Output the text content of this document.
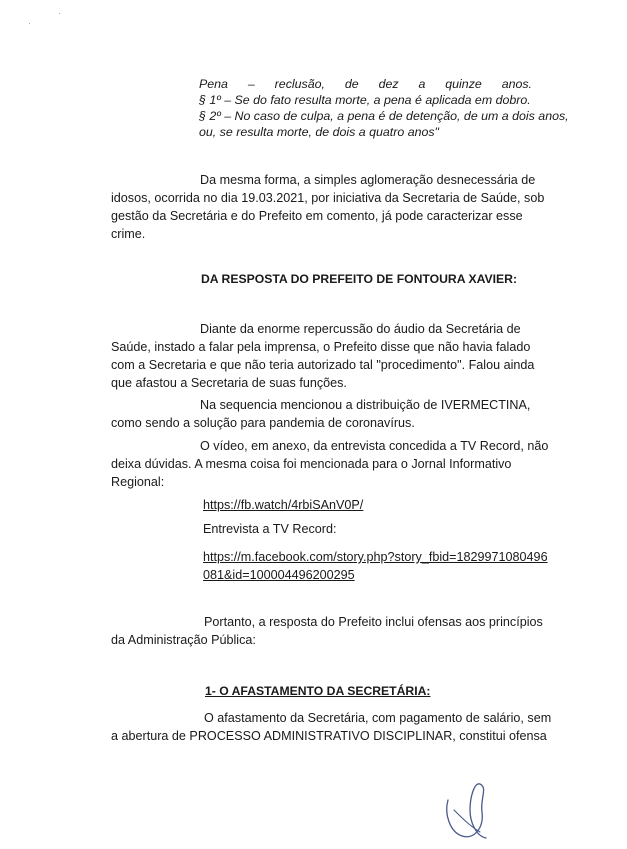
·
·
Pena – reclusão, de dez a quinze anos.
§ 1º – Se do fato resulta morte, a pena é aplicada em dobro.
§ 2º – No caso de culpa, a pena é de detenção, de um a dois anos,
ou, se resulta morte, de dois a quatro anos"
Da mesma forma, a simples aglomeração desnecessária de
idosos, ocorrida no dia 19.03.2021, por iniciativa da Secretaria de Saúde, sob
gestão da Secretária e do Prefeito em comento, já pode caracterizar esse
crime.
DA RESPOSTA DO PREFEITO DE FONTOURA XAVIER:
Diante da enorme repercussão do áudio da Secretária de
Saúde, instado a falar pela imprensa, o Prefeito disse que não havia falado
com a Secretaria e que não teria autorizado tal "procedimento". Falou ainda
que afastou a Secretaria de suas funções.
Na sequencia mencionou a distribuição de IVERMECTINA,
como sendo a solução para pandemia de coronavírus.
O vídeo, em anexo, da entrevista concedida a TV Record, não
deixa dúvidas. A mesma coisa foi mencionada para o Jornal Informativo
Regional:
https://fb.watch/4rbiSAnV0P/
Entrevista a TV Record:
https://m.facebook.com/story.php?story_fbid=1829971080496
081&id=100004496200295
Portanto, a resposta do Prefeito inclui ofensas aos princípios
da Administração Pública:
1- O AFASTAMENTO DA SECRETÁRIA:
O afastamento da Secretária, com pagamento de salário, sem
a abertura de PROCESSO ADMINISTRATIVO DISCIPLINAR, constitui ofensa
